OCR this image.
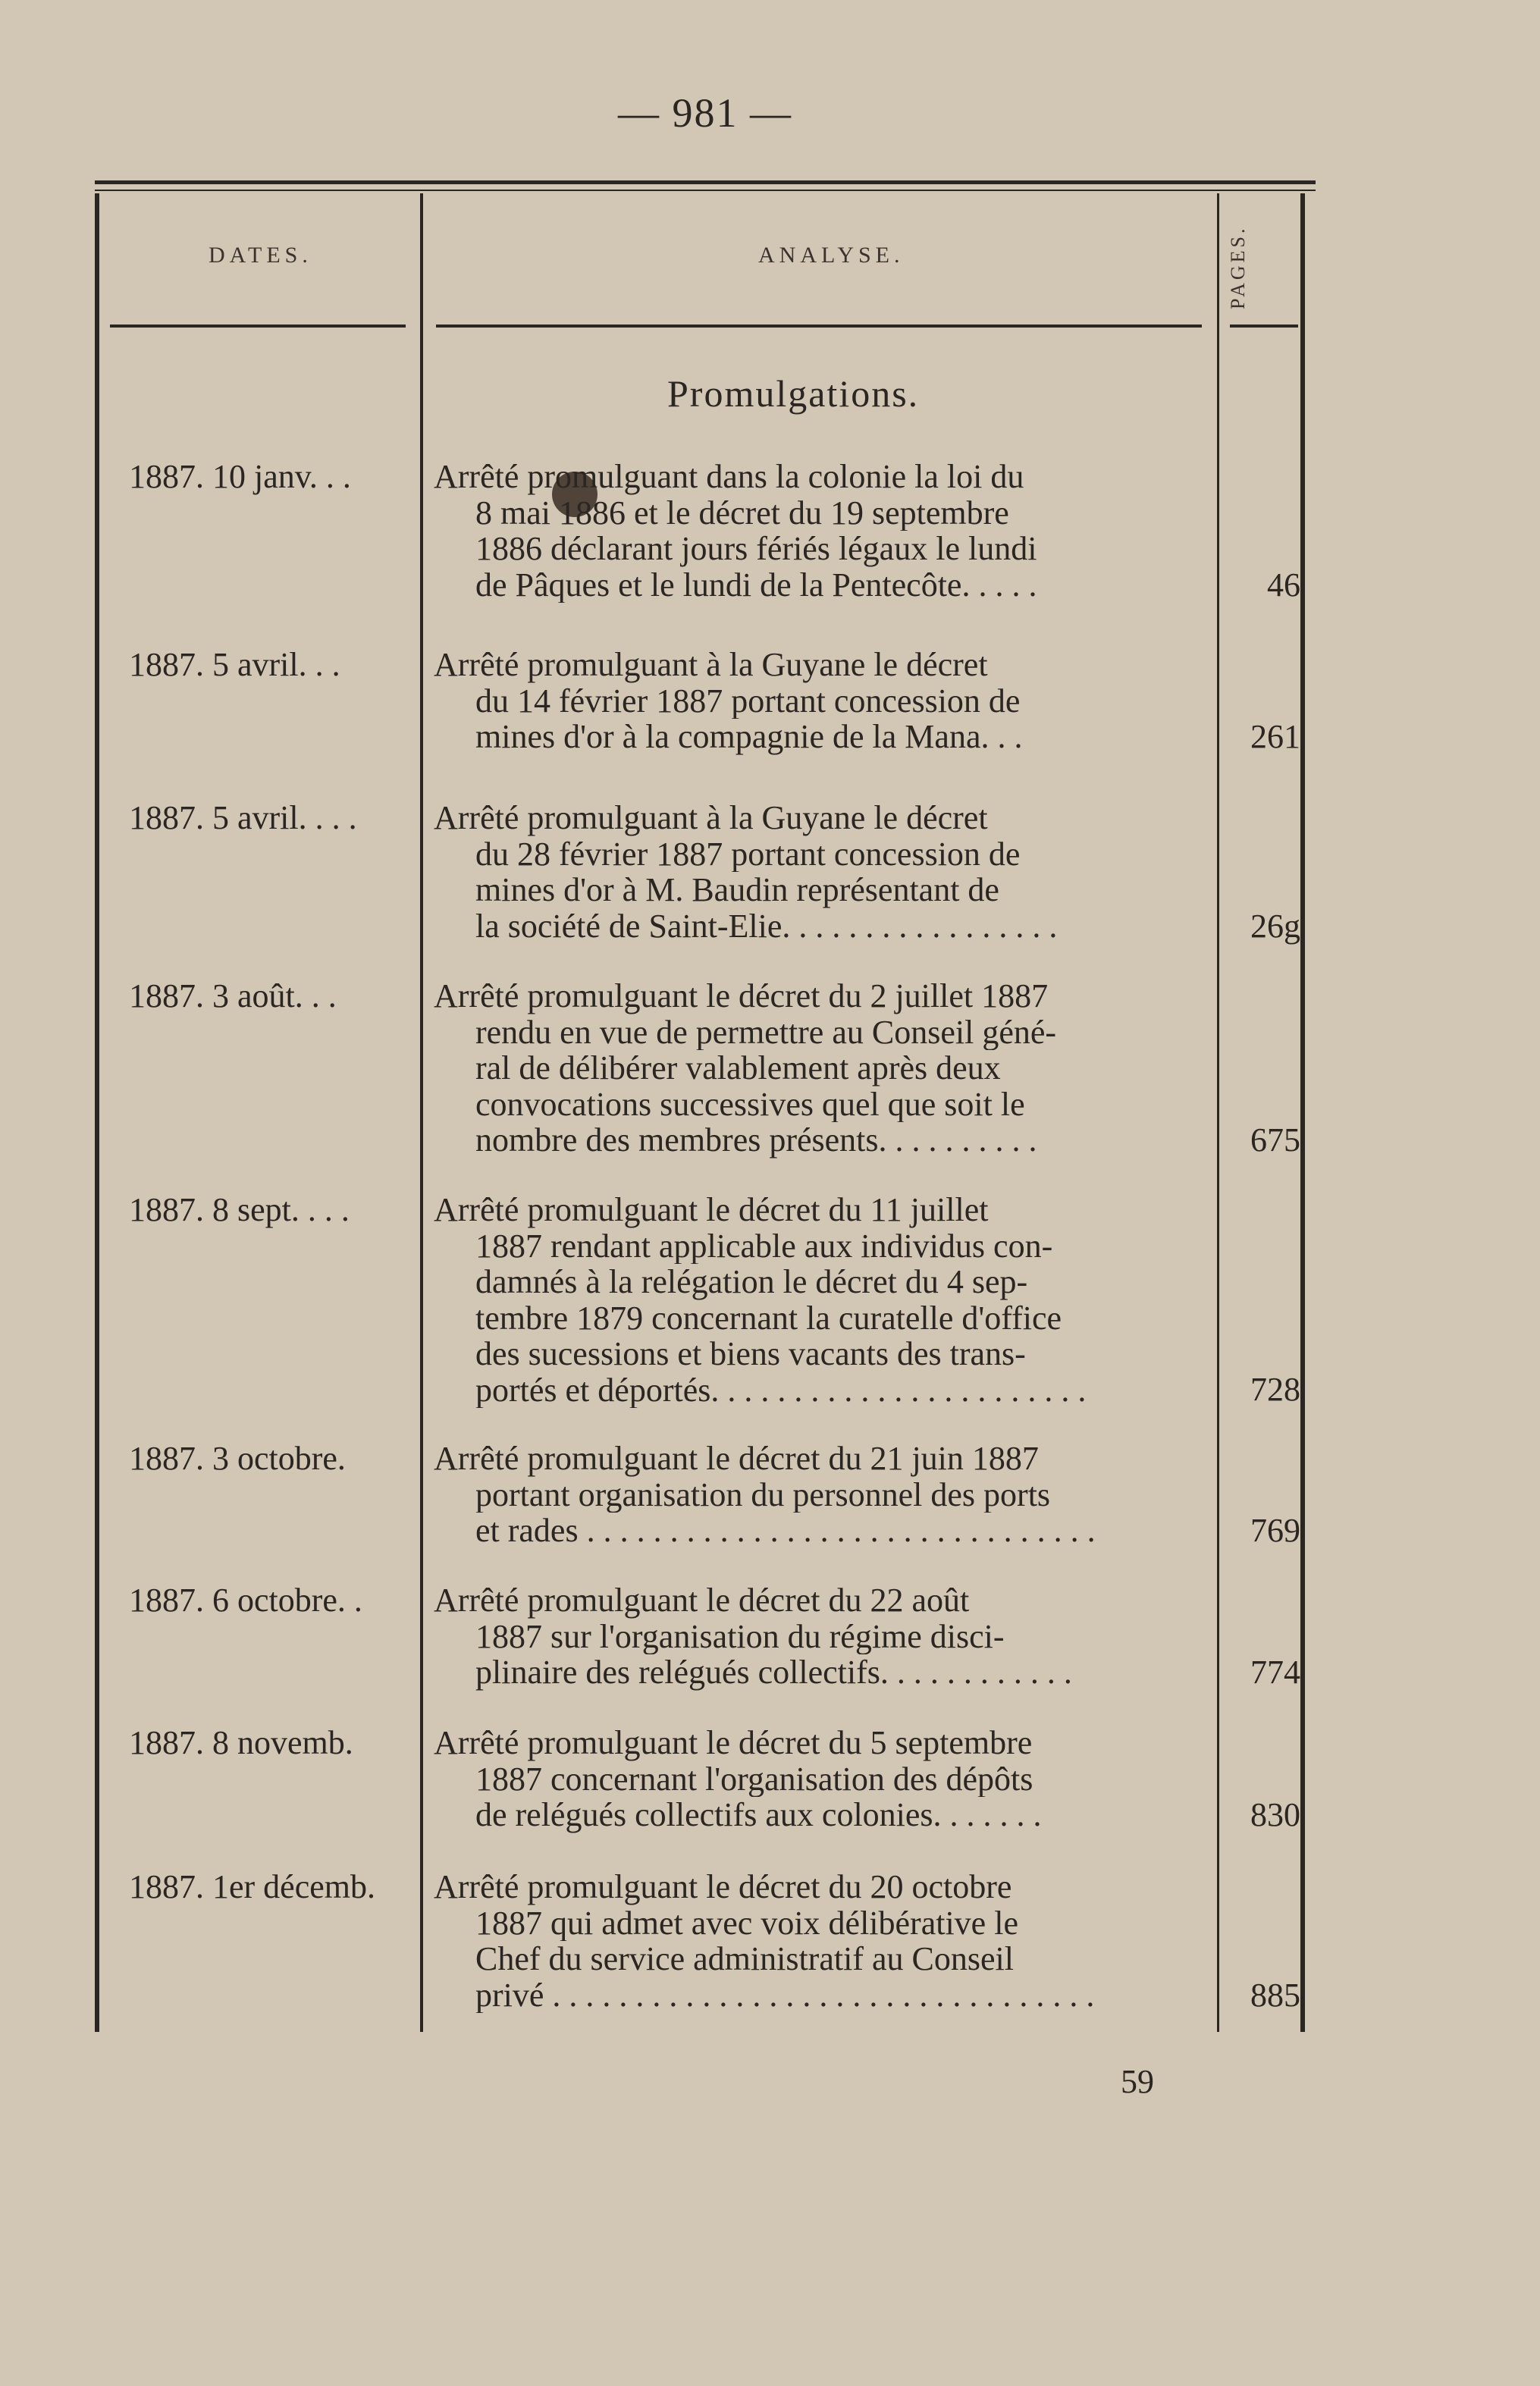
— 981 —
DATES.	ANALYSE.	PAGES.
Promulgations.
1887. 10 janv. . .	Arrêté promulguant dans la colonie la loi du
8 mai 1886 et le décret du 19 septembre
1886 déclarant jours fériés légaux le lundi
de Pâques et le lundi de la Pentecôte. . . . .	46
1887. 5 avril. . .	Arrêté promulguant à la Guyane le décret
du 14 février 1887 portant concession de
mines d'or à la compagnie de la Mana. . .	261
1887. 5 avril. . . .	Arrêté promulguant à la Guyane le décret
du 28 février 1887 portant concession de
mines d'or à M. Baudin représentant de
la société de Saint-Elie. . . . . . . . . . . . . . . . .	26g
1887. 3 août. . .	Arrêté promulguant le décret du 2 juillet 1887
rendu en vue de permettre au Conseil géné-
ral de délibérer valablement après deux
convocations successives quel que soit le
nombre des membres présents. . . . . . . . . .	675
1887. 8 sept. . . .	Arrêté promulguant le décret du 11 juillet
1887 rendant applicable aux individus con-
damnés à la relégation le décret du 4 sep-
tembre 1879 concernant la curatelle d'office
des sucessions et biens vacants des trans-
portés et déportés. . . . . . . . . . . . . . . . . . . . . . .	728
1887. 3 octobre.	Arrêté promulguant le décret du 21 juin 1887
portant organisation du personnel des ports
et rades . . . . . . . . . . . . . . . . . . . . . . . . . . . . . . .	769
1887. 6 octobre. .	Arrêté promulguant le décret du 22 août
1887 sur l'organisation du régime disci-
plinaire des relégués collectifs. . . . . . . . . . . .	774
1887. 8 novemb.	Arrêté promulguant le décret du 5 septembre
1887 concernant l'organisation des dépôts
de relégués collectifs aux colonies. . . . . . .	830
1887. 1er décemb.	Arrêté promulguant le décret du 20 octobre
1887 qui admet avec voix délibérative le
Chef du service administratif au Conseil
privé . . . . . . . . . . . . . . . . . . . . . . . . . . . . . . . . .	885
59
